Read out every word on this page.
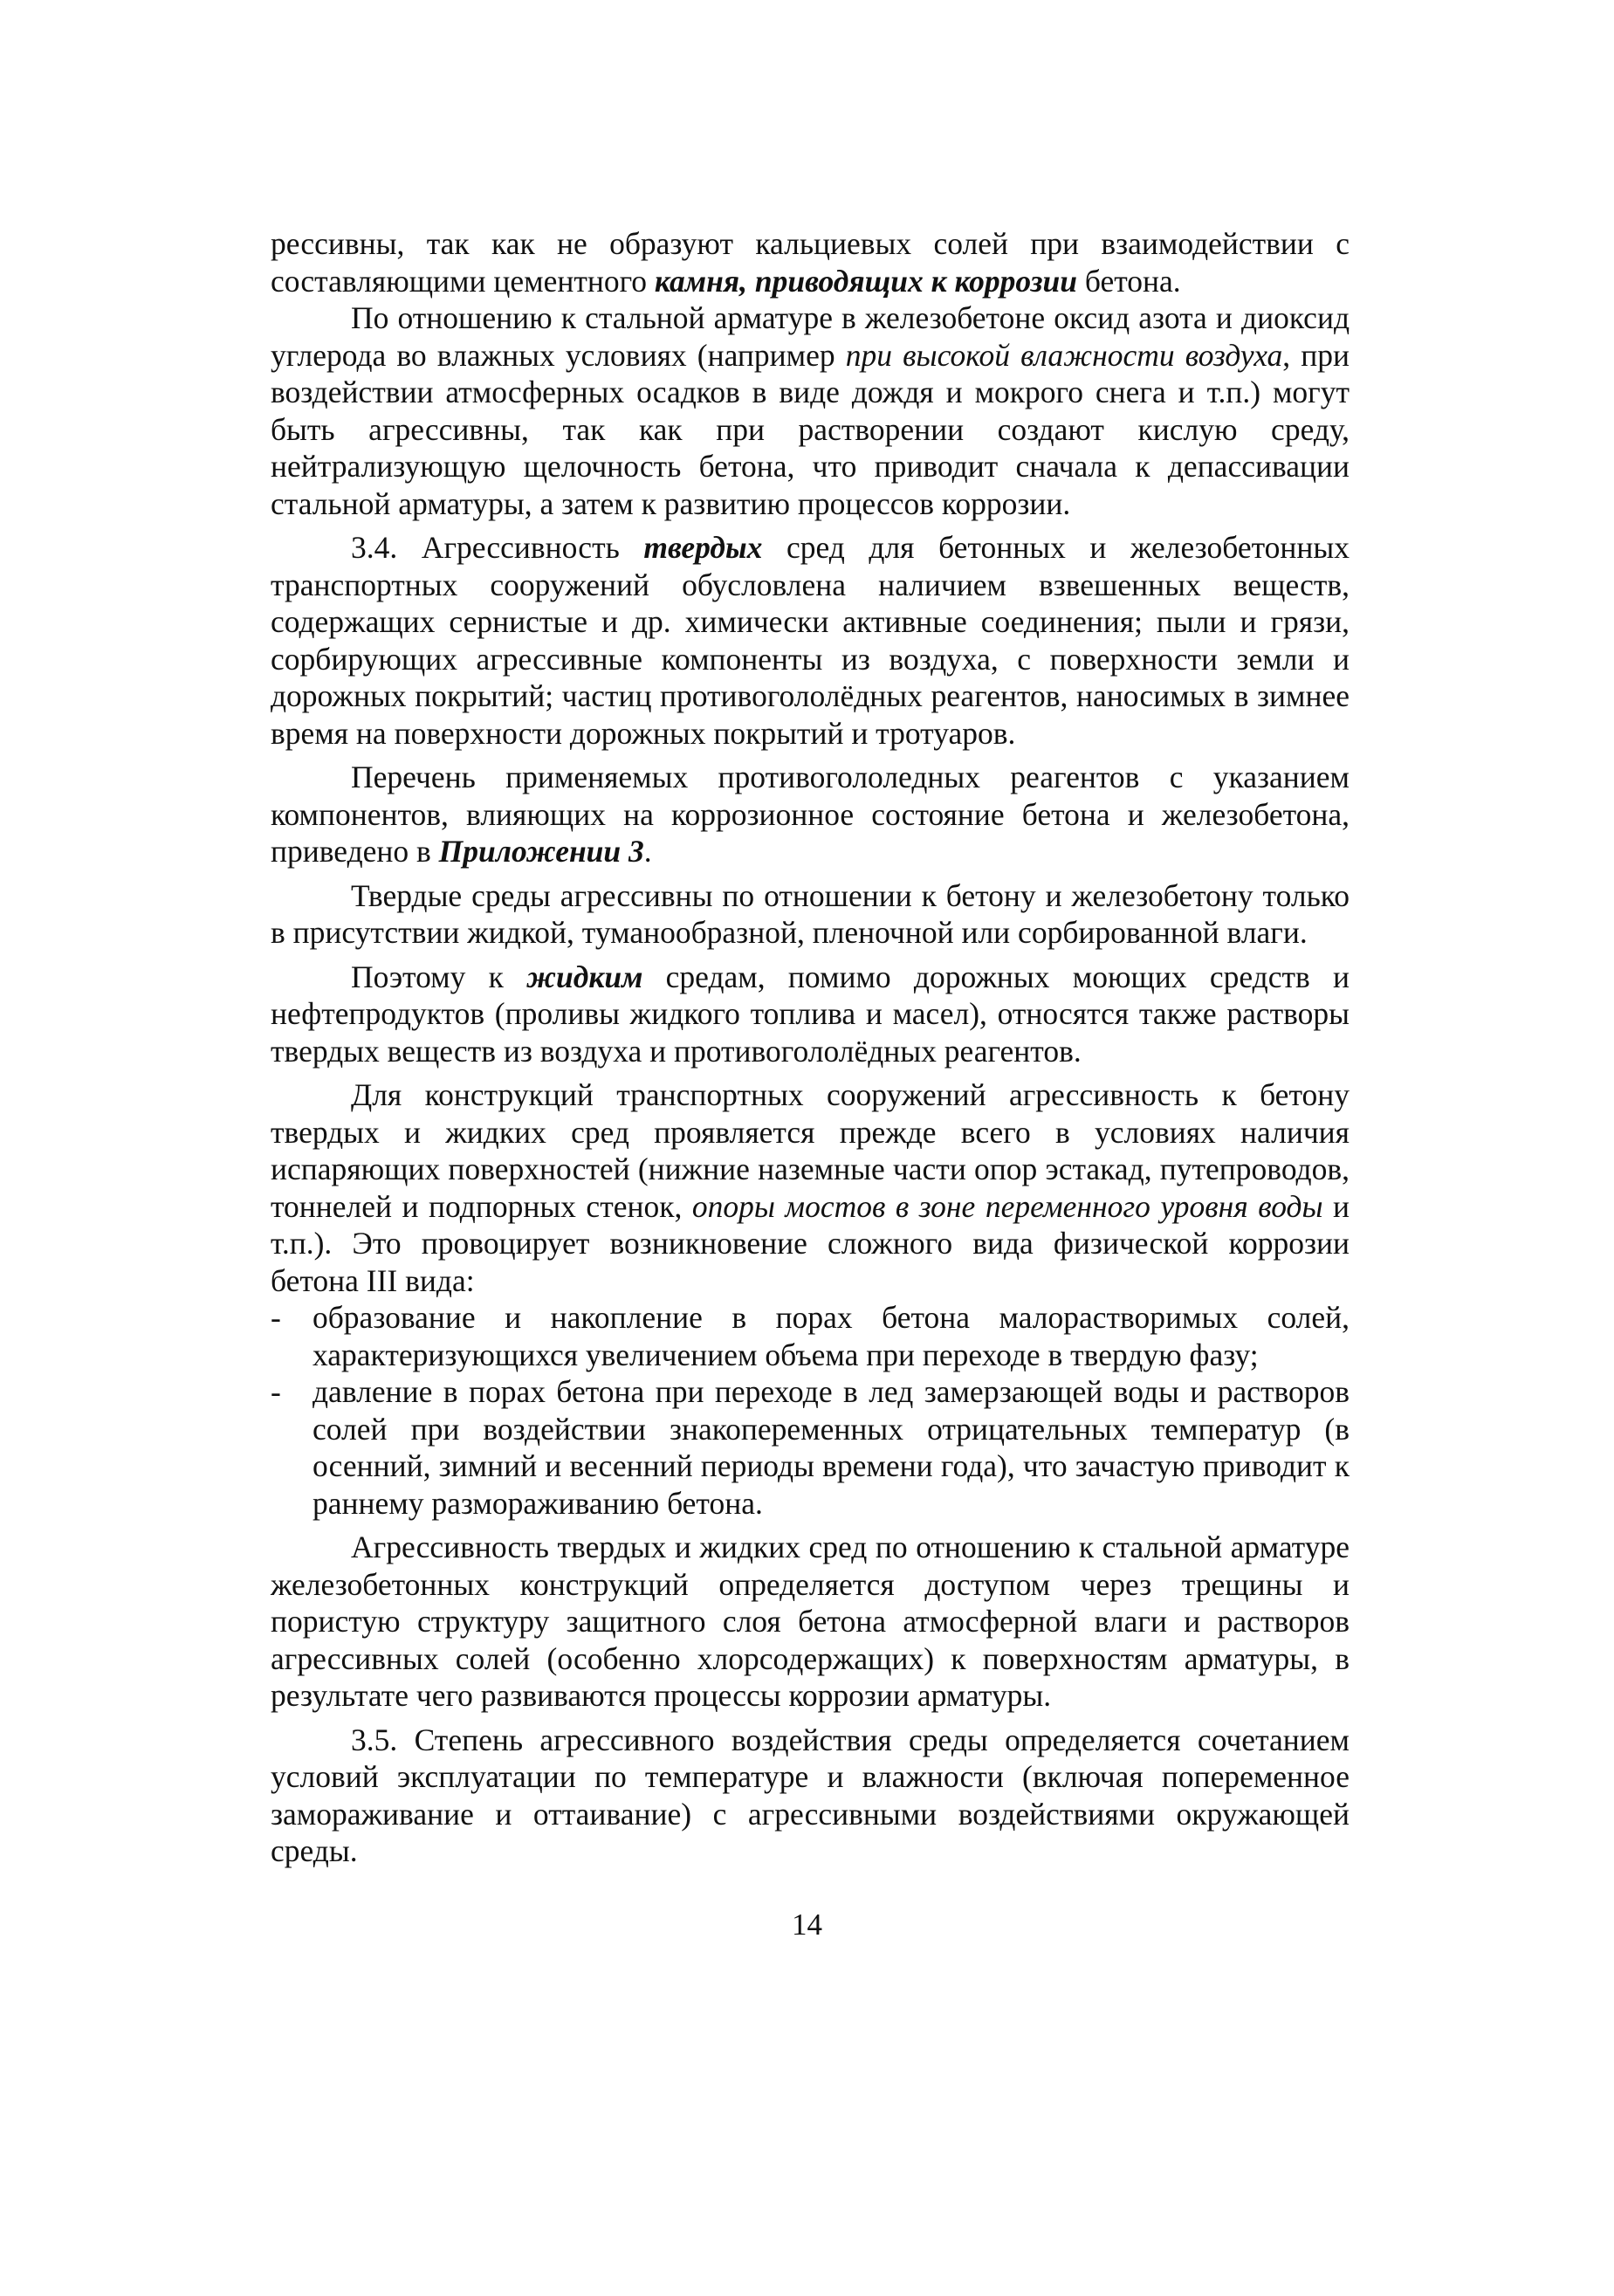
рессивны, так как не образуют кальциевых солей при взаимодействии с составляющими цементного камня, приводящих к коррозии бетона.

По отношению к стальной арматуре в железобетоне оксид азота и диоксид углерода во влажных условиях (например при высокой влажности воздуха, при воздействии атмосферных осадков в виде дождя и мокрого снега и т.п.) могут быть агрессивны, так как при растворении создают кислую среду, нейтрализующую щелочность бетона, что приводит сначала к депассивации стальной арматуры, а затем к развитию процессов коррозии.

3.4. Агрессивность твердых сред для бетонных и железобетонных транспортных сооружений обусловлена наличием взвешенных веществ, содержащих сернистые и др. химически активные соединения; пыли и грязи, сорбирующих агрессивные компоненты из воздуха, с поверхности земли и дорожных покрытий; частиц противогололёдных реагентов, наносимых в зимнее время на поверхности дорожных покрытий и тротуаров.

Перечень применяемых противогололедных реагентов с указанием компонентов, влияющих на коррозионное состояние бетона и железобетона, приведено в Приложении 3.

Твердые среды агрессивны по отношении к бетону и железобетону только в присутствии жидкой, туманообразной, пленочной или сорбированной влаги.

Поэтому к жидким средам, помимо дорожных моющих средств и нефтепродуктов (проливы жидкого топлива и масел), относятся также растворы твердых веществ из воздуха и противогололёдных реагентов.

Для конструкций транспортных сооружений агрессивность к бетону твердых и жидких сред проявляется прежде всего в условиях наличия испаряющих поверхностей (нижние наземные части опор эстакад, путепроводов, тоннелей и подпорных стенок, опоры мостов в зоне переменного уровня воды и т.п.). Это провоцирует возникновение сложного вида физической коррозии бетона III вида:

- образование и накопление в порах бетона малорастворимых солей, характеризующихся увеличением объема при переходе в твердую фазу;
- давление в порах бетона при переходе в лед замерзающей воды и растворов солей при воздействии знакопеременных отрицательных температур (в осенний, зимний и весенний периоды времени года), что зачастую приводит к раннему размораживанию бетона.

Агрессивность твердых и жидких сред по отношению к стальной арматуре железобетонных конструкций определяется доступом через трещины и пористую структуру защитного слоя бетона атмосферной влаги и растворов агрессивных солей (особенно хлорсодержащих) к поверхностям арматуры, в результате чего развиваются процессы коррозии арматуры.

3.5. Степень агрессивного воздействия среды определяется сочетанием условий эксплуатации по температуре и влажности (включая попеременное замораживание и оттаивание) с агрессивными воздействиями окружающей среды.

14
